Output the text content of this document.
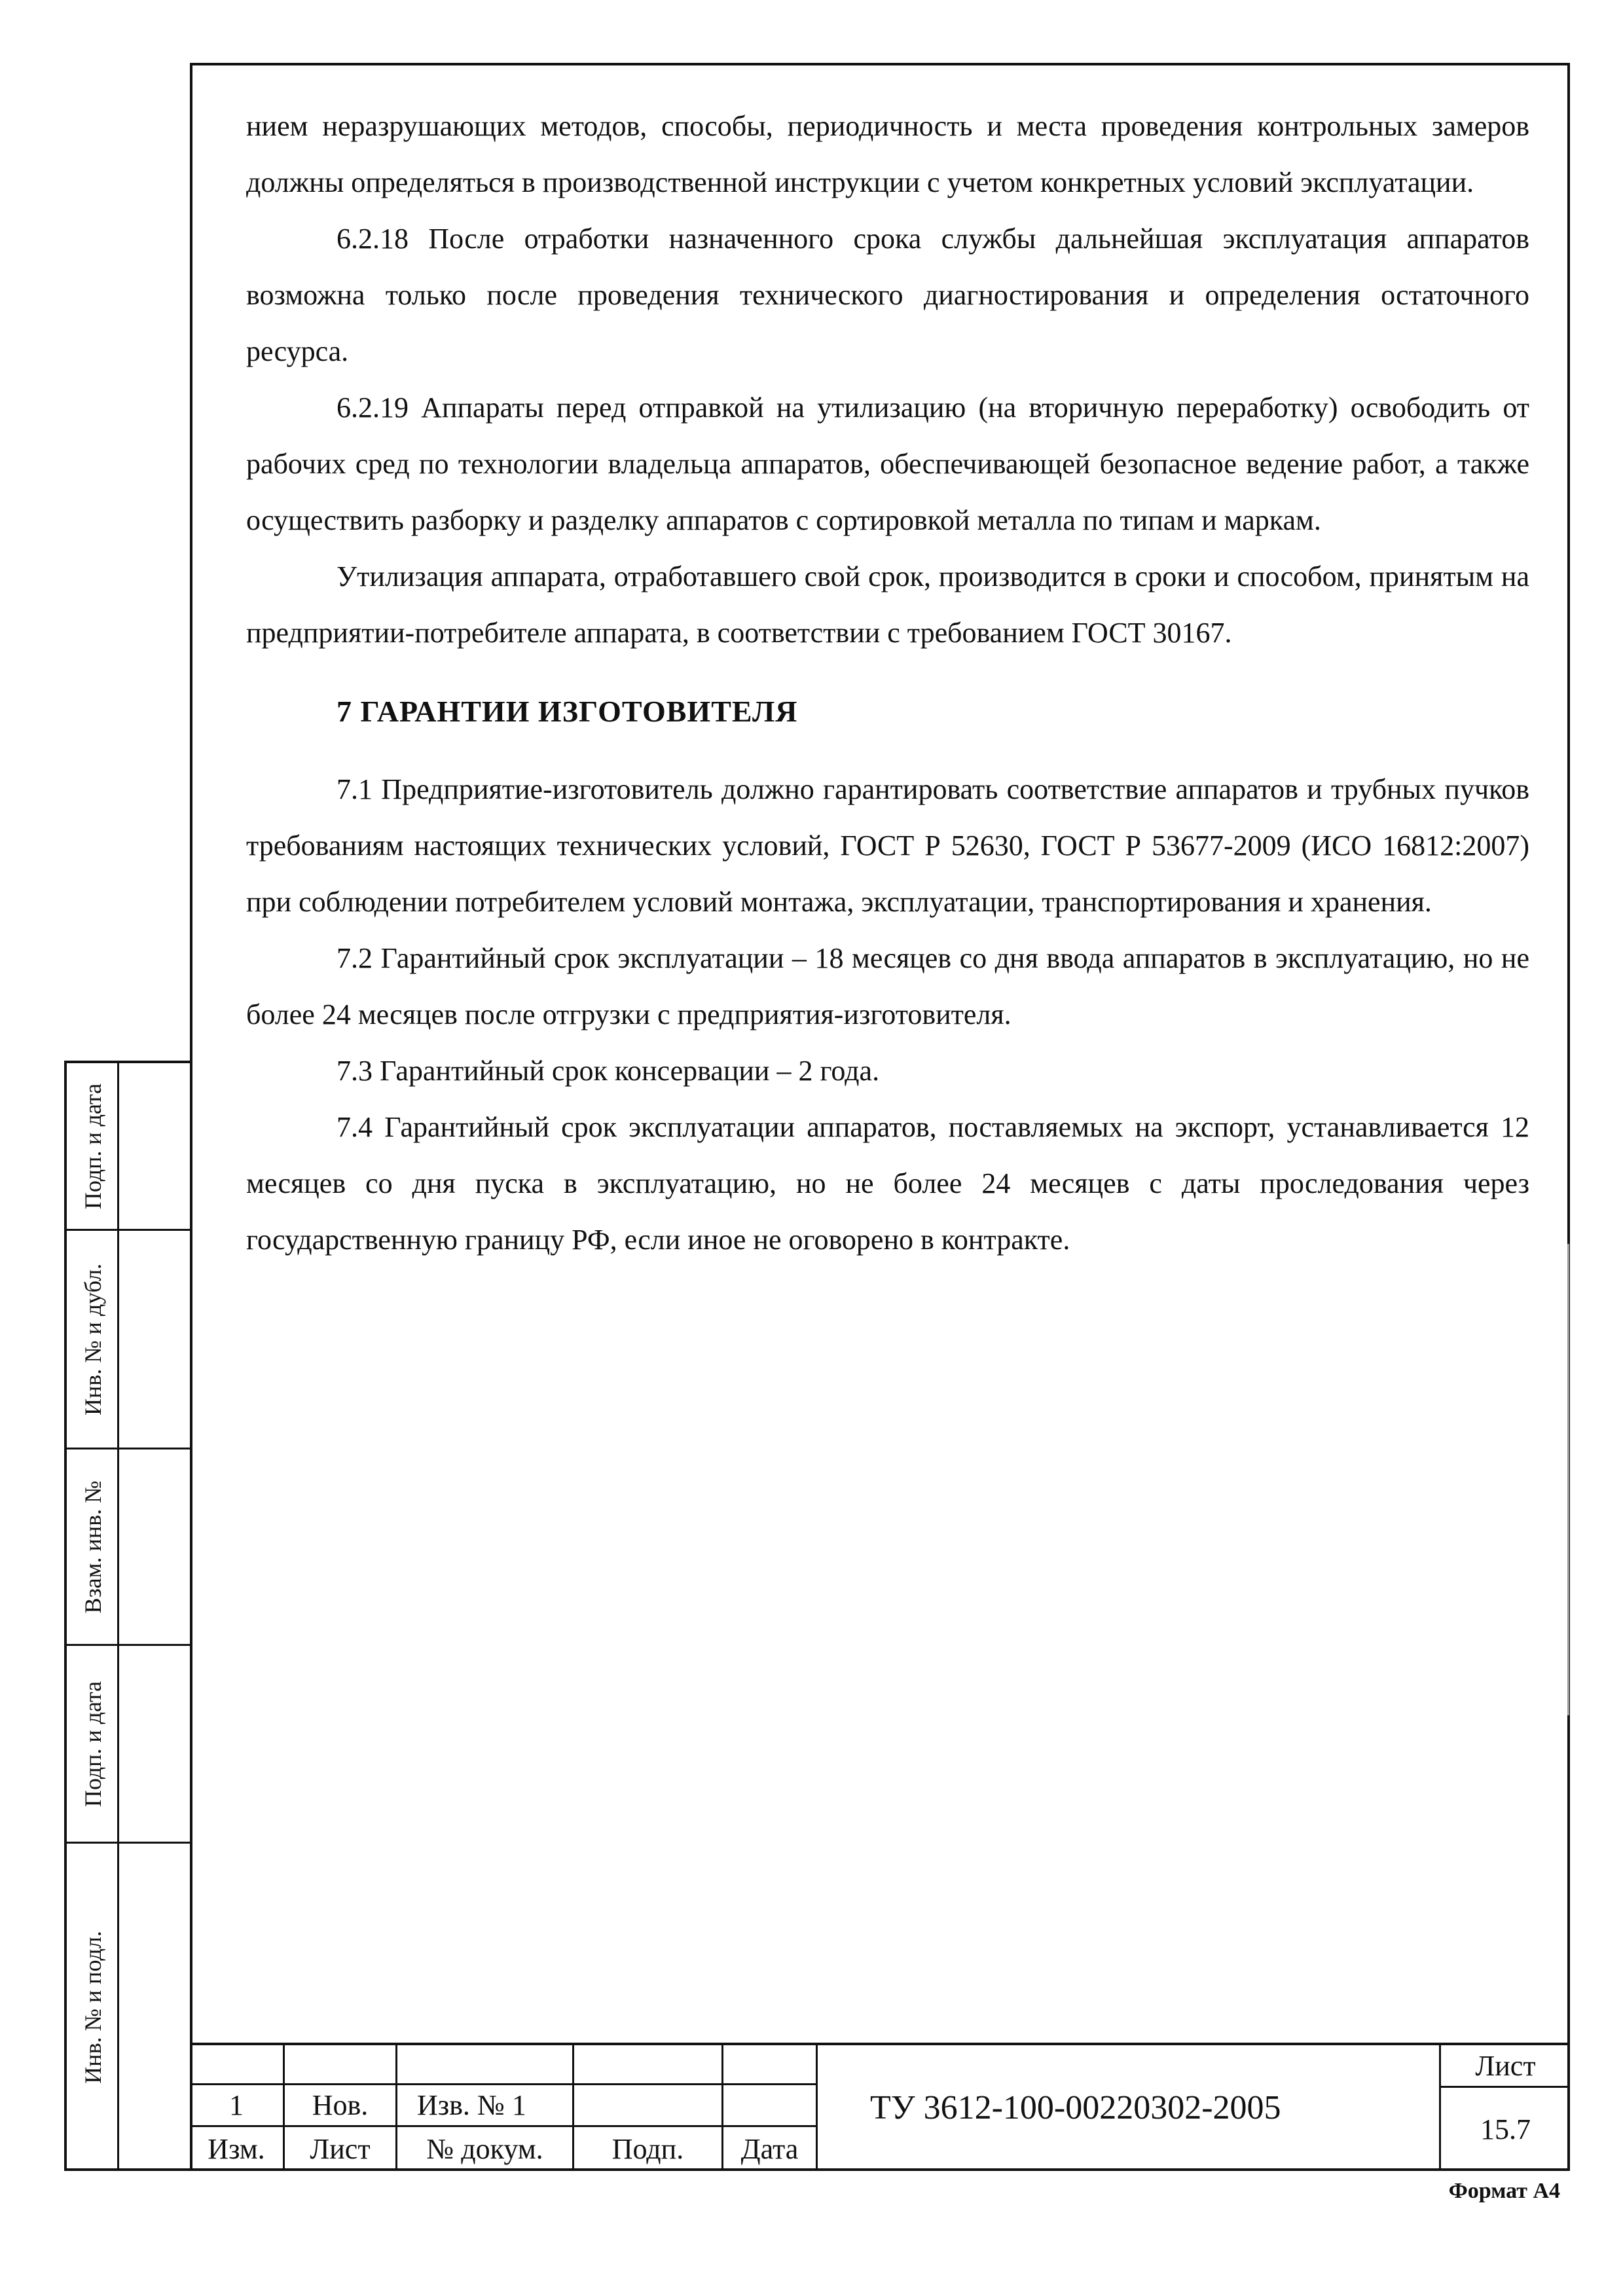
Подп. и дата
Инв. № и дубл.
Взам. инв. №
Подп. и дата
Инв. № и подл.

нием неразрушающих методов, способы, периодичность и места проведения контрольных замеров должны определяться в производственной инструкции с учетом конкретных условий эксплуатации.

6.2.18 После отработки назначенного срока службы дальнейшая эксплуатация аппаратов возможна только после проведения технического диагностирования и определения остаточного ресурса.

6.2.19 Аппараты перед отправкой на утилизацию (на вторичную переработку) освободить от рабочих сред по технологии владельца аппаратов, обеспечивающей безопасное ведение работ, а также осуществить разборку и разделку аппаратов с сортировкой металла по типам и маркам.

Утилизация аппарата, отработавшего свой срок, производится в сроки и способом, принятым на предприятии-потребителе аппарата, в соответствии с требованием ГОСТ 30167.

7 ГАРАНТИИ ИЗГОТОВИТЕЛЯ

7.1 Предприятие-изготовитель должно гарантировать соответствие аппаратов и трубных пучков требованиям настоящих технических условий, ГОСТ Р 52630, ГОСТ Р 53677-2009 (ИСО 16812:2007) при соблюдении потребителем условий монтажа, эксплуатации, транспортирования и хранения.

7.2 Гарантийный срок эксплуатации – 18 месяцев со дня ввода аппаратов в эксплуатацию, но не более 24 месяцев после отгрузки с предприятия-изготовителя.

7.3 Гарантийный срок консервации – 2 года.

7.4 Гарантийный срок эксплуатации аппаратов, поставляемых на экспорт, устанавливается 12 месяцев со дня пуска в эксплуатацию, но не более 24 месяцев с даты проследования через государственную границу РФ, если иное не оговорено в контракте.

1	Нов.	Изв. № 1
Изм.	Лист	№ докум.	Подп.	Дата
ТУ 3612-100-00220302-2005
Лист
15.7
Формат А4
